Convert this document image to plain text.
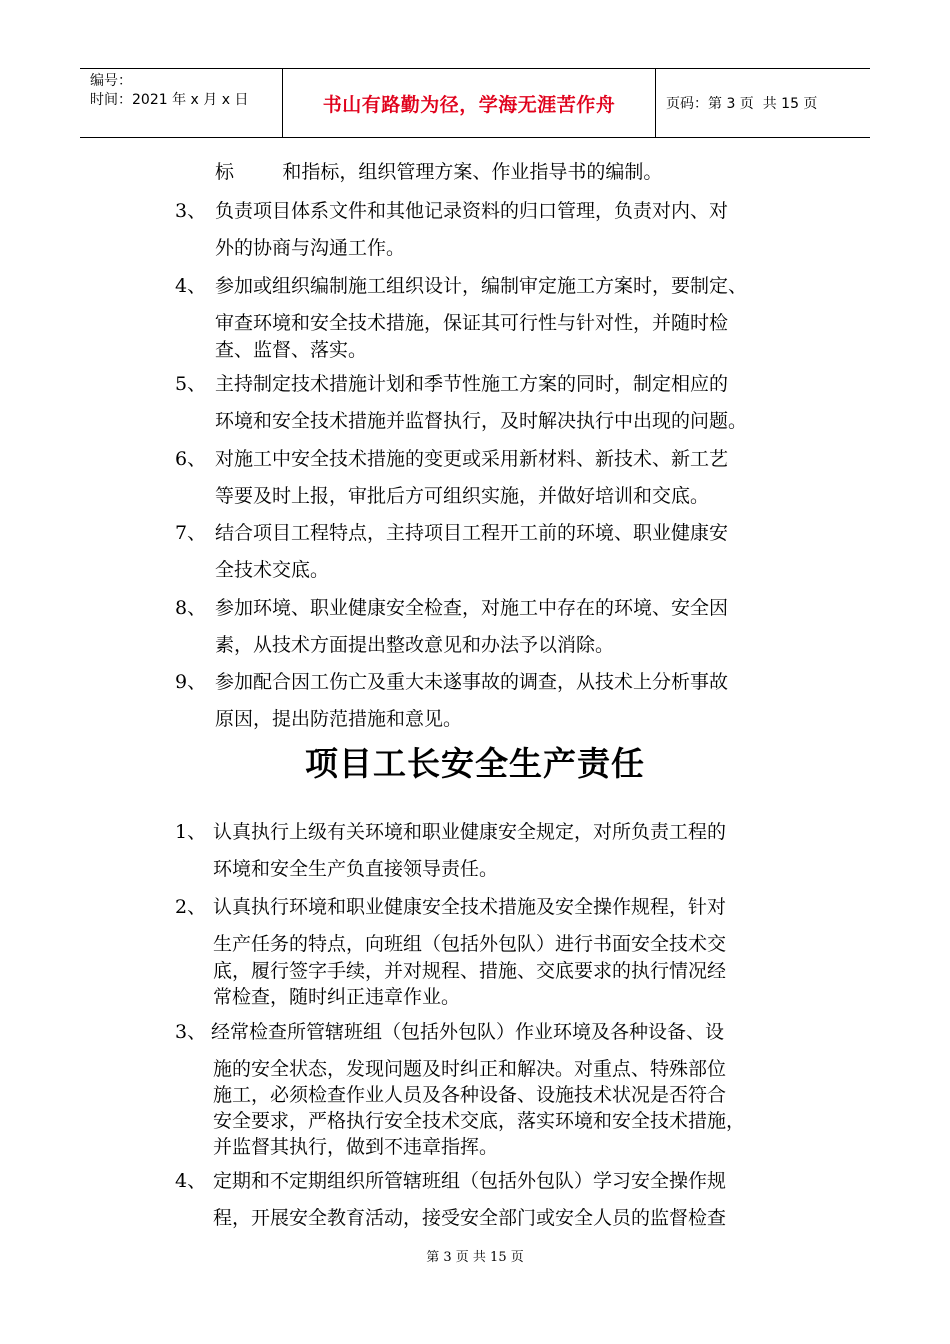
编号：
时间：2021 年 x 月 x 日	书山有路勤为径，学海无涯苦作舟	页码：第 3 页  共 15 页
标        和指标，组织管理方案、作业指导书的编制。
3、 负责项目体系文件和其他记录资料的归口管理，负责对内、对
外的协商与沟通工作。
4、 参加或组织编制施工组织设计，编制审定施工方案时，要制定、
审查环境和安全技术措施，保证其可行性与针对性，并随时检
查、监督、落实。
5、 主持制定技术措施计划和季节性施工方案的同时，制定相应的
环境和安全技术措施并监督执行，及时解决执行中出现的问题。
6、 对施工中安全技术措施的变更或采用新材料、新技术、新工艺
等要及时上报，审批后方可组织实施，并做好培训和交底。
7、 结合项目工程特点，主持项目工程开工前的环境、职业健康安
全技术交底。
8、 参加环境、职业健康安全检查，对施工中存在的环境、安全因
素，从技术方面提出整改意见和办法予以消除。
9、 参加配合因工伤亡及重大未遂事故的调查，从技术上分析事故
原因，提出防范措施和意见。
项目工长安全生产责任
1、 认真执行上级有关环境和职业健康安全规定，对所负责工程的
环境和安全生产负直接领导责任。
2、 认真执行环境和职业健康安全技术措施及安全操作规程，针对
生产任务的特点，向班组（包括外包队）进行书面安全技术交
底，履行签字手续，并对规程、措施、交底要求的执行情况经
常检查，随时纠正违章作业。
3、 经常检查所管辖班组（包括外包队）作业环境及各种设备、设
施的安全状态，发现问题及时纠正和解决。对重点、特殊部位
施工，必须检查作业人员及各种设备、设施技术状况是否符合
安全要求，严格执行安全技术交底，落实环境和安全技术措施，
并监督其执行，做到不违章指挥。
4、 定期和不定期组织所管辖班组（包括外包队）学习安全操作规
程，开展安全教育活动，接受安全部门或安全人员的监督检查
第 3 页 共 15 页
